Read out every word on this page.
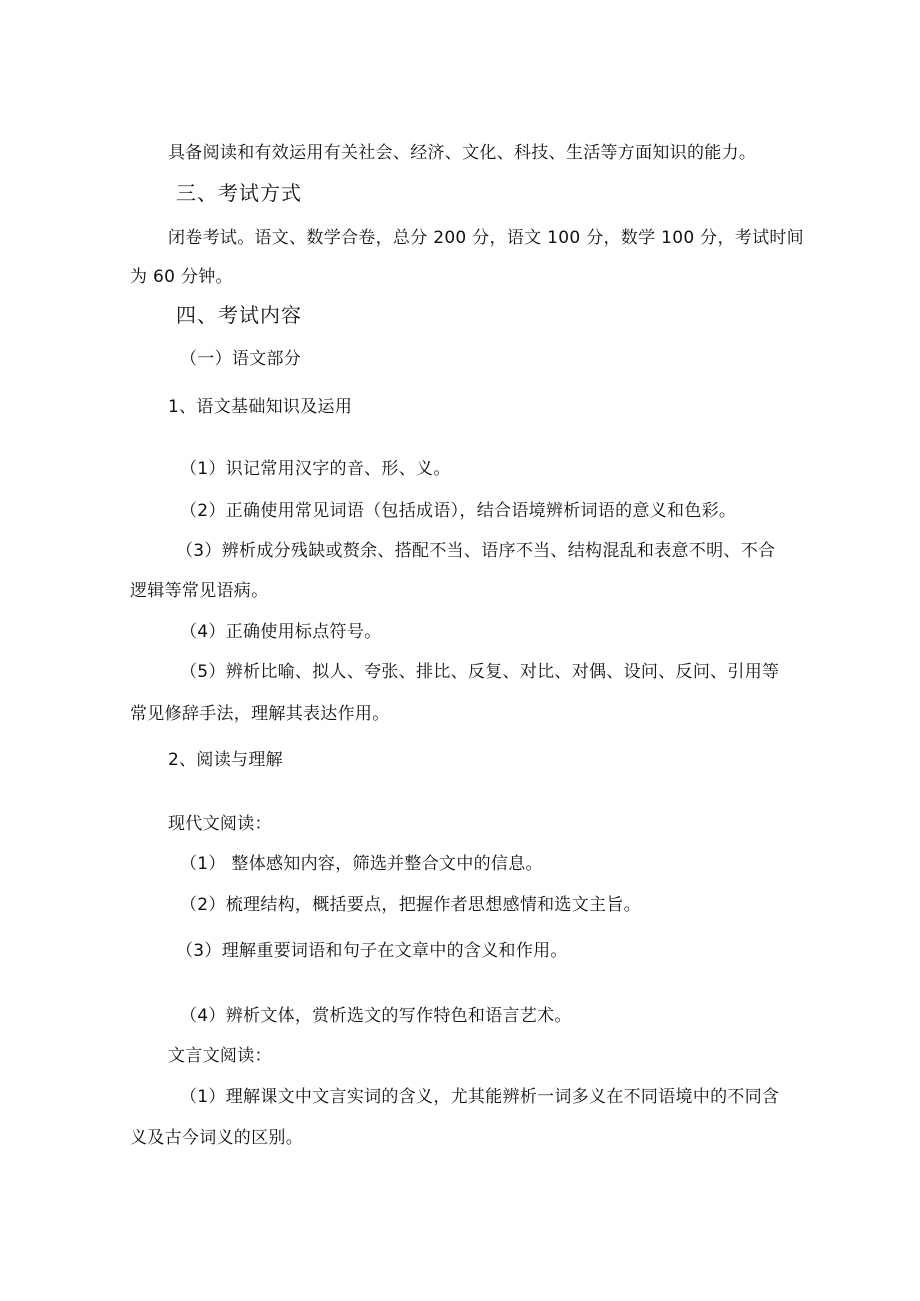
具备阅读和有效运用有关社会、经济、文化、科技、生活等方面知识的能力。
三、考试方式
闭卷考试。语文、数学合卷，总分 200 分，语文 100 分，数学 100 分，考试时间
为 60 分钟。
四、考试内容
（一）语文部分
1、语文基础知识及运用
（1）识记常用汉字的音、形、义。
（2）正确使用常见词语（包括成语），结合语境辨析词语的意义和色彩。
（3）辨析成分残缺或赘余、搭配不当、语序不当、结构混乱和表意不明、不合
逻辑等常见语病。
（4）正确使用标点符号。
（5）辨析比喻、拟人、夸张、排比、反复、对比、对偶、设问、反问、引用等
常见修辞手法，理解其表达作用。
2、阅读与理解
现代文阅读：
（1） 整体感知内容，筛选并整合文中的信息。
（2）梳理结构，概括要点，把握作者思想感情和选文主旨。
（3）理解重要词语和句子在文章中的含义和作用。
（4）辨析文体，赏析选文的写作特色和语言艺术。
文言文阅读：
（1）理解课文中文言实词的含义，尤其能辨析一词多义在不同语境中的不同含
义及古今词义的区别。
